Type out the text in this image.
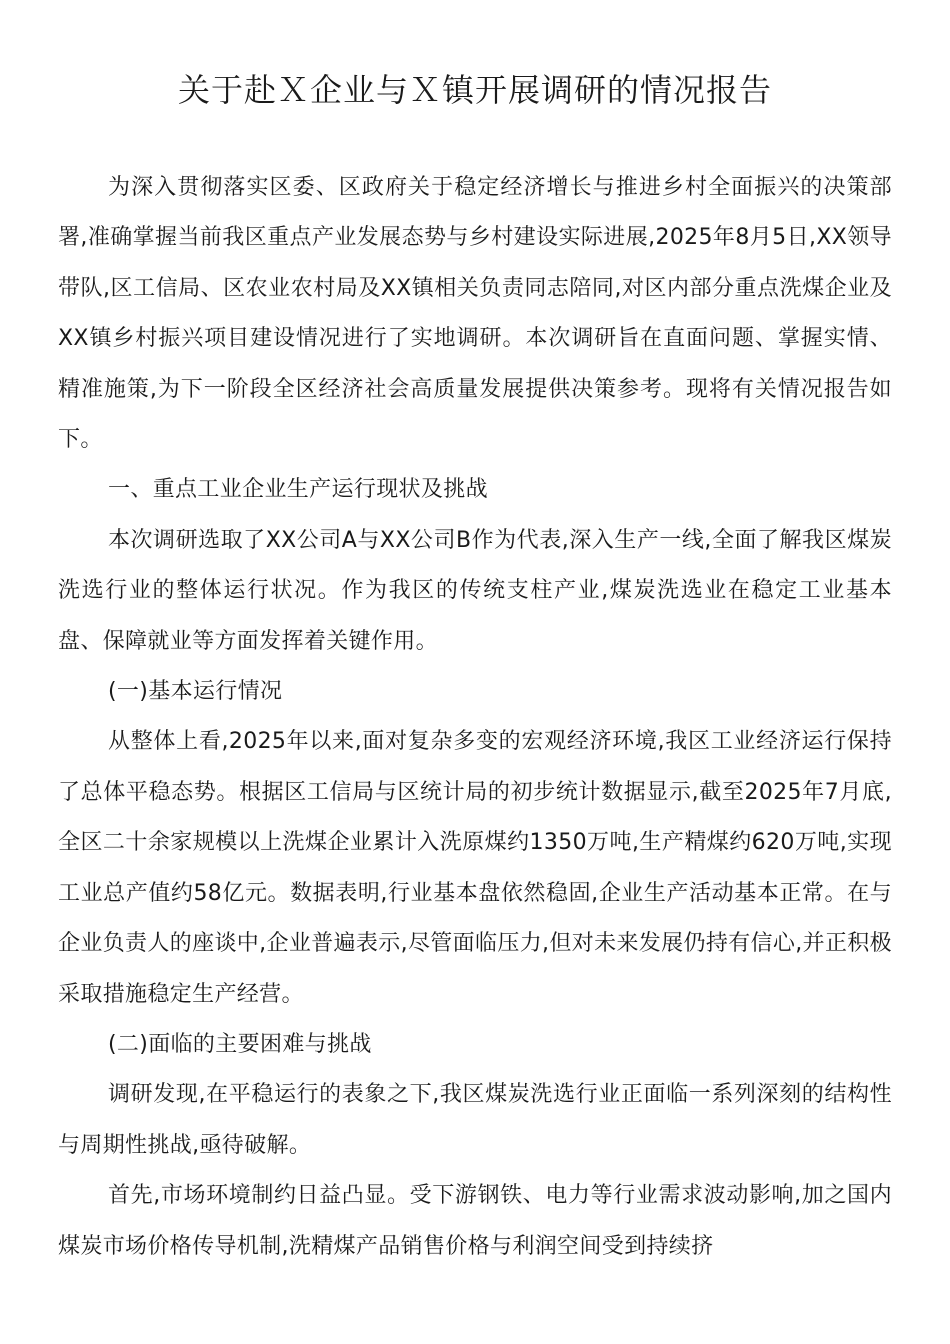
关于赴Ｘ企业与Ｘ镇开展调研的情况报告

为深入贯彻落实区委、区政府关于稳定经济增长与推进乡村全面振兴的决策部署,准确掌握当前我区重点产业发展态势与乡村建设实际进展,2025年8月5日,XX领导带队,区工信局、区农业农村局及XX镇相关负责同志陪同,对区内部分重点洗煤企业及XX镇乡村振兴项目建设情况进行了实地调研。本次调研旨在直面问题、掌握实情、精准施策,为下一阶段全区经济社会高质量发展提供决策参考。现将有关情况报告如下。

一、重点工业企业生产运行现状及挑战

本次调研选取了XX公司A与XX公司B作为代表,深入生产一线,全面了解我区煤炭洗选行业的整体运行状况。作为我区的传统支柱产业,煤炭洗选业在稳定工业基本盘、保障就业等方面发挥着关键作用。

(一)基本运行情况

从整体上看,2025年以来,面对复杂多变的宏观经济环境,我区工业经济运行保持了总体平稳态势。根据区工信局与区统计局的初步统计数据显示,截至2025年7月底,全区二十余家规模以上洗煤企业累计入洗原煤约1350万吨,生产精煤约620万吨,实现工业总产值约58亿元。数据表明,行业基本盘依然稳固,企业生产活动基本正常。在与企业负责人的座谈中,企业普遍表示,尽管面临压力,但对未来发展仍持有信心,并正积极采取措施稳定生产经营。

(二)面临的主要困难与挑战

调研发现,在平稳运行的表象之下,我区煤炭洗选行业正面临一系列深刻的结构性与周期性挑战,亟待破解。

首先,市场环境制约日益凸显。受下游钢铁、电力等行业需求波动影响,加之国内煤炭市场价格传导机制,洗精煤产品销售价格与利润空间受到持续挤
